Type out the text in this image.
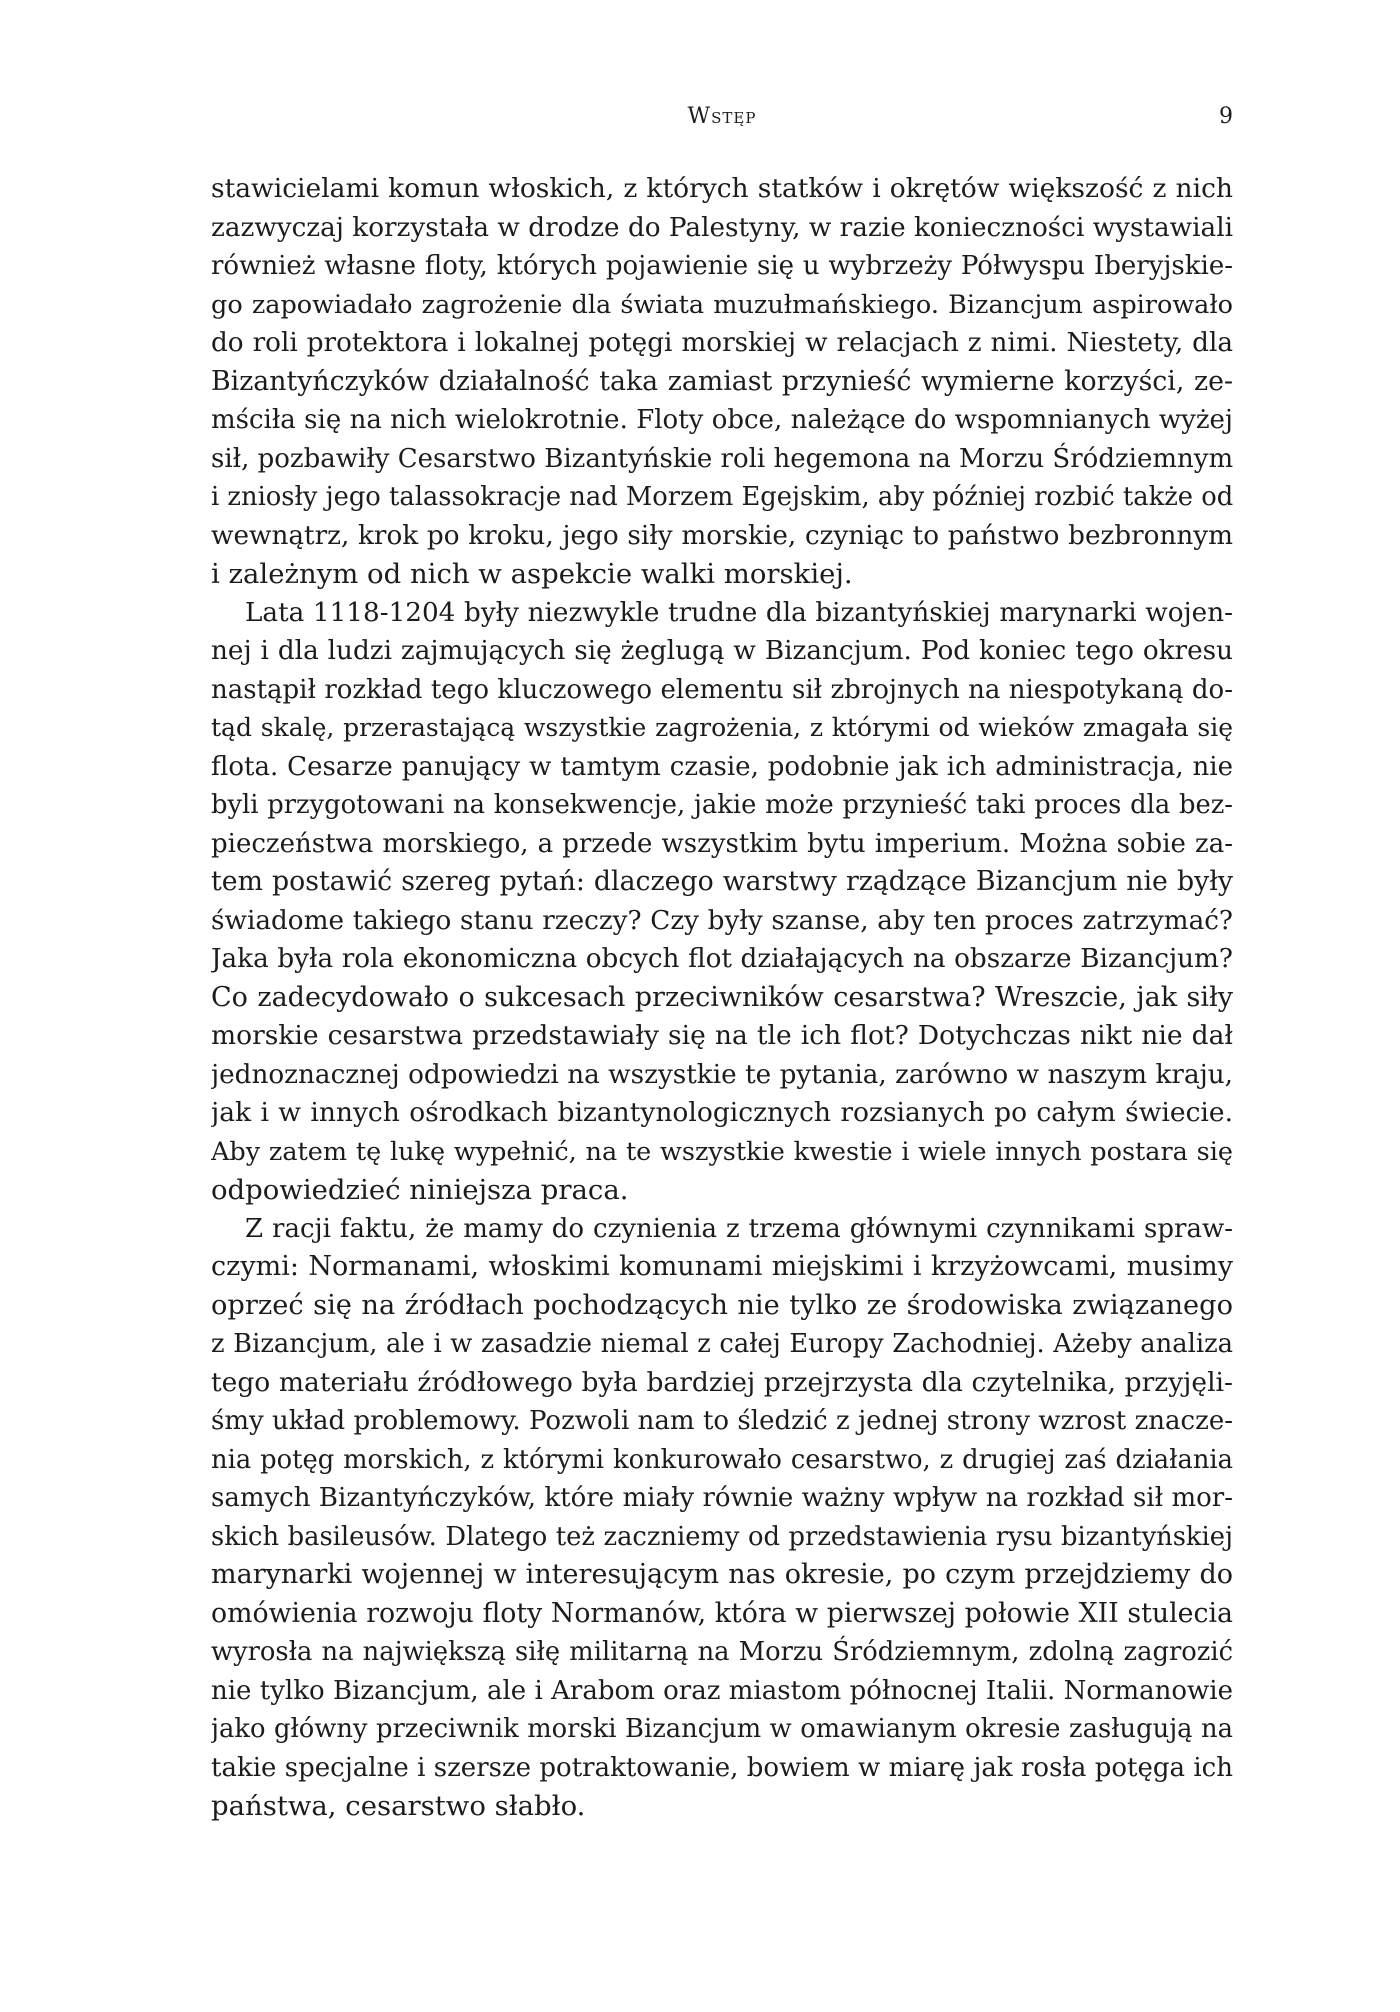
Wstęp	9
stawicielami komun włoskich, z których statków i okrętów większość z nich
zazwyczaj korzystała w drodze do Palestyny, w razie konieczności wystawiali
również własne floty, których pojawienie się u wybrzeży Półwyspu Iberyjskie-
go zapowiadało zagrożenie dla świata muzułmańskiego. Bizancjum aspirowało
do roli protektora i lokalnej potęgi morskiej w relacjach z nimi. Niestety, dla
Bizantyńczyków działalność taka zamiast przynieść wymierne korzyści, ze-
mściła się na nich wielokrotnie. Floty obce, należące do wspomnianych wyżej
sił, pozbawiły Cesarstwo Bizantyńskie roli hegemona na Morzu Śródziemnym
i zniosły jego talassokracje nad Morzem Egejskim, aby później rozbić także od
wewnątrz, krok po kroku, jego siły morskie, czyniąc to państwo bezbronnym
i zależnym od nich w aspekcie walki morskiej.
Lata 1118-1204 były niezwykle trudne dla bizantyńskiej marynarki wojen-
nej i dla ludzi zajmujących się żeglugą w Bizancjum. Pod koniec tego okresu
nastąpił rozkład tego kluczowego elementu sił zbrojnych na niespotykaną do-
tąd skalę, przerastającą wszystkie zagrożenia, z którymi od wieków zmagała się
flota. Cesarze panujący w tamtym czasie, podobnie jak ich administracja, nie
byli przygotowani na konsekwencje, jakie może przynieść taki proces dla bez-
pieczeństwa morskiego, a przede wszystkim bytu imperium. Można sobie za-
tem postawić szereg pytań: dlaczego warstwy rządzące Bizancjum nie były
świadome takiego stanu rzeczy? Czy były szanse, aby ten proces zatrzymać?
Jaka była rola ekonomiczna obcych flot działających na obszarze Bizancjum?
Co zadecydowało o sukcesach przeciwników cesarstwa? Wreszcie, jak siły
morskie cesarstwa przedstawiały się na tle ich flot? Dotychczas nikt nie dał
jednoznacznej odpowiedzi na wszystkie te pytania, zarówno w naszym kraju,
jak i w innych ośrodkach bizantynologicznych rozsianych po całym świecie.
Aby zatem tę lukę wypełnić, na te wszystkie kwestie i wiele innych postara się
odpowiedzieć niniejsza praca.
Z racji faktu, że mamy do czynienia z trzema głównymi czynnikami spraw-
czymi: Normanami, włoskimi komunami miejskimi i krzyżowcami, musimy
oprzeć się na źródłach pochodzących nie tylko ze środowiska związanego
z Bizancjum, ale i w zasadzie niemal z całej Europy Zachodniej. Ażeby analiza
tego materiału źródłowego była bardziej przejrzysta dla czytelnika, przyjęli-
śmy układ problemowy. Pozwoli nam to śledzić z jednej strony wzrost znacze-
nia potęg morskich, z którymi konkurowało cesarstwo, z drugiej zaś działania
samych Bizantyńczyków, które miały równie ważny wpływ na rozkład sił mor-
skich basileusów. Dlatego też zaczniemy od przedstawienia rysu bizantyńskiej
marynarki wojennej w interesującym nas okresie, po czym przejdziemy do
omówienia rozwoju floty Normanów, która w pierwszej połowie XII stulecia
wyrosła na największą siłę militarną na Morzu Śródziemnym, zdolną zagrozić
nie tylko Bizancjum, ale i Arabom oraz miastom północnej Italii. Normanowie
jako główny przeciwnik morski Bizancjum w omawianym okresie zasługują na
takie specjalne i szersze potraktowanie, bowiem w miarę jak rosła potęga ich
państwa, cesarstwo słabło.
